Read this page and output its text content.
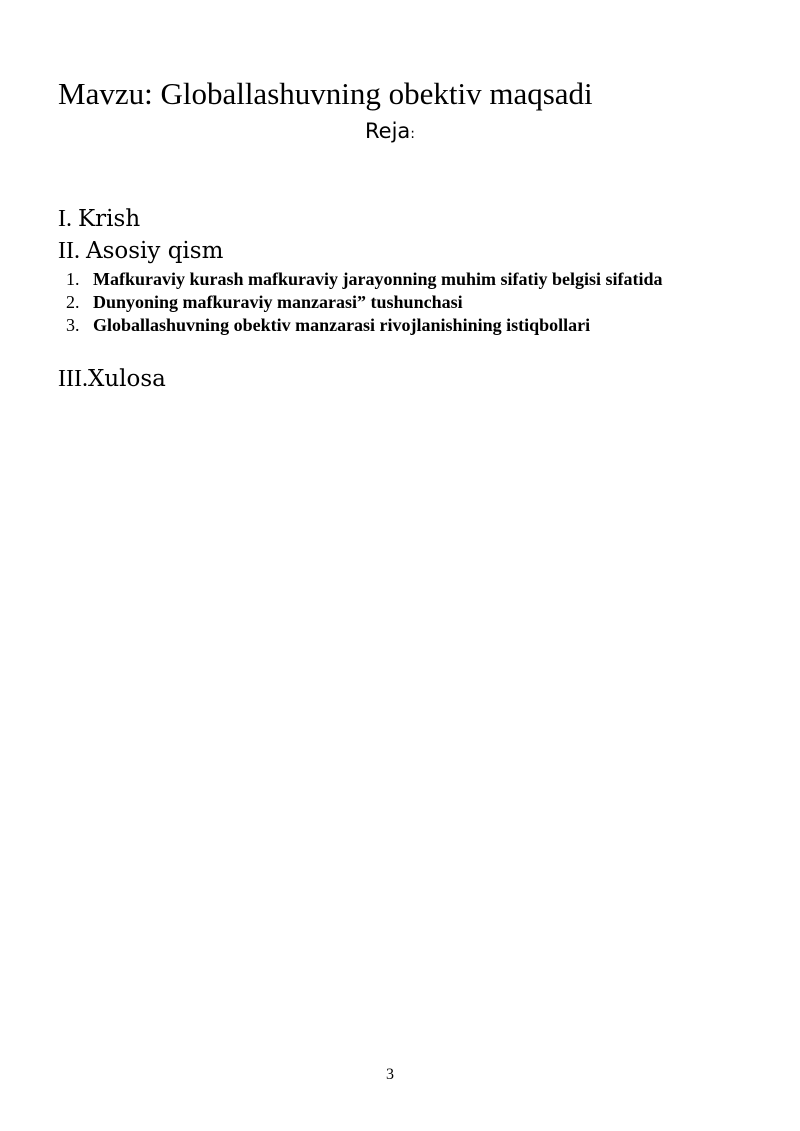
Mavzu: Globallashuvning obektiv maqsadi
Reja:
I. Krish
II. Asosiy qism
1. Mafkuraviy kurash mafkuraviy jarayonning muhim sifatiy belgisi sifatida
2. Dunyoning mafkuraviy manzarasi” tushunchasi
3. Globallashuvning obektiv manzarasi rivojlanishining istiqbollari
III.Xulosa
3
